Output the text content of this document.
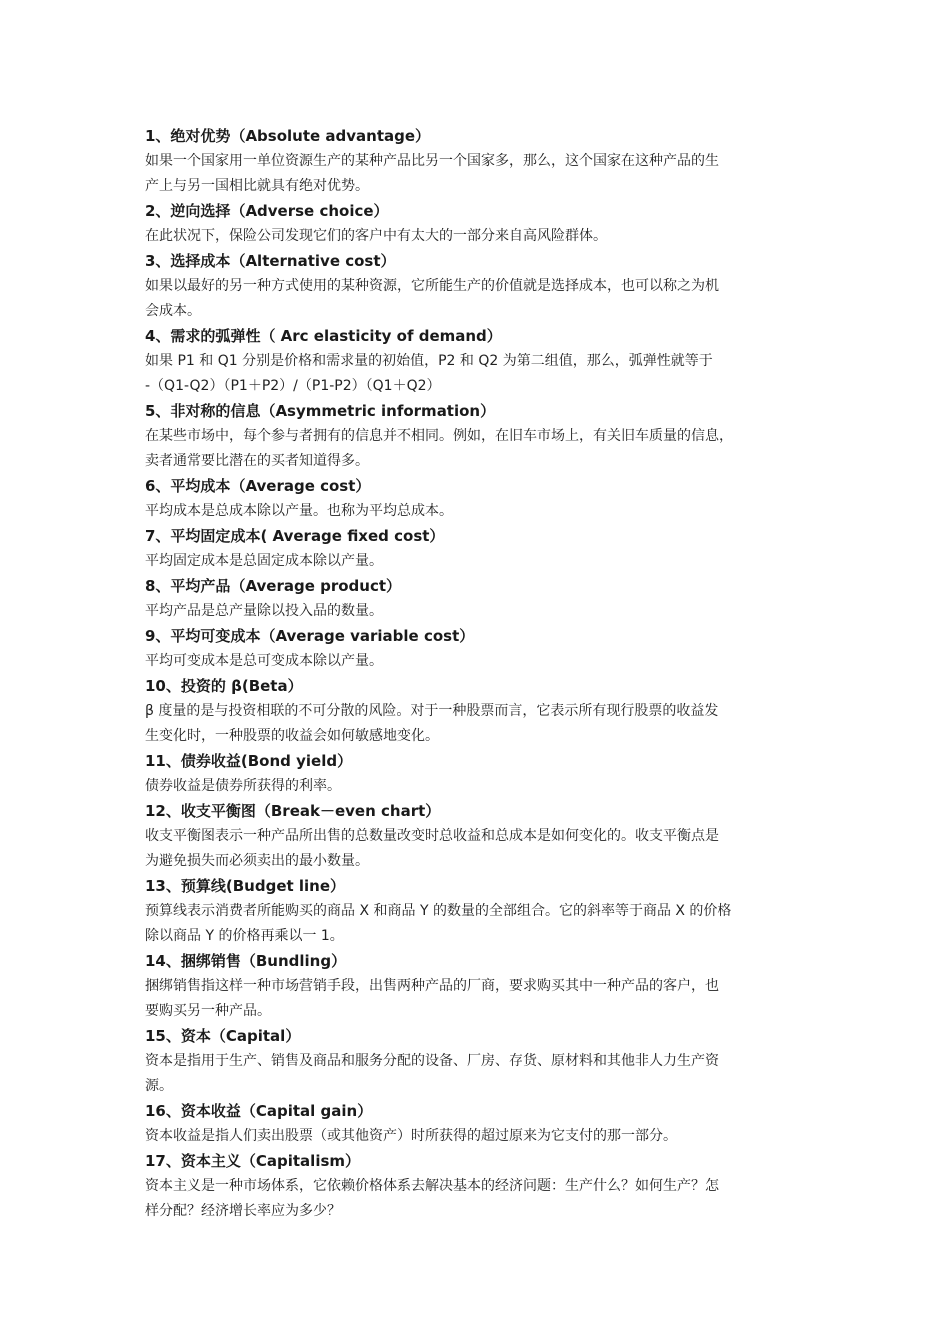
1、绝对优势（Absolute advantage）
如果一个国家用一单位资源生产的某种产品比另一个国家多，那么，这个国家在这种产品的生
产上与另一国相比就具有绝对优势。
2、逆向选择（Adverse choice）
在此状况下，保险公司发现它们的客户中有太大的一部分来自高风险群体。
3、选择成本（Alternative cost）
如果以最好的另一种方式使用的某种资源，它所能生产的价值就是选择成本，也可以称之为机
会成本。
4、需求的弧弹性（ Arc elasticity of demand）
如果 P1 和 Q1 分别是价格和需求量的初始值，P2 和 Q2 为第二组值，那么，弧弹性就等于
-（Q1-Q2）（P1＋P2）/（P1-P2）（Q1＋Q2）
5、非对称的信息（Asymmetric information）
在某些市场中，每个参与者拥有的信息并不相同。例如，在旧车市场上，有关旧车质量的信息，
卖者通常要比潜在的买者知道得多。
6、平均成本（Average cost）
平均成本是总成本除以产量。也称为平均总成本。
7、平均固定成本( Average fixed cost）
平均固定成本是总固定成本除以产量。
8、平均产品（Average product）
平均产品是总产量除以投入品的数量。
9、平均可变成本（Average variable cost）
平均可变成本是总可变成本除以产量。
10、投资的 β(Beta）
β 度量的是与投资相联的不可分散的风险。对于一种股票而言，它表示所有现行股票的收益发
生变化时，一种股票的收益会如何敏感地变化。
11、债券收益(Bond yield）
债券收益是债券所获得的利率。
12、收支平衡图（Break－even chart）
收支平衡图表示一种产品所出售的总数量改变时总收益和总成本是如何变化的。收支平衡点是
为避免损失而必须卖出的最小数量。
13、预算线(Budget line）
预算线表示消费者所能购买的商品 X 和商品 Y 的数量的全部组合。它的斜率等于商品 X 的价格
除以商品 Y 的价格再乘以一 1。
14、捆绑销售（Bundling）
捆绑销售指这样一种市场营销手段，出售两种产品的厂商，要求购买其中一种产品的客户，也
要购买另一种产品。
15、资本（Capital）
资本是指用于生产、销售及商品和服务分配的设备、厂房、存货、原材料和其他非人力生产资
源。
16、资本收益（Capital gain）
资本收益是指人们卖出股票（或其他资产）时所获得的超过原来为它支付的那一部分。
17、资本主义（Capitalism）
资本主义是一种市场体系，它依赖价格体系去解决基本的经济问题：生产什么？如何生产？怎
样分配？经济增长率应为多少？
